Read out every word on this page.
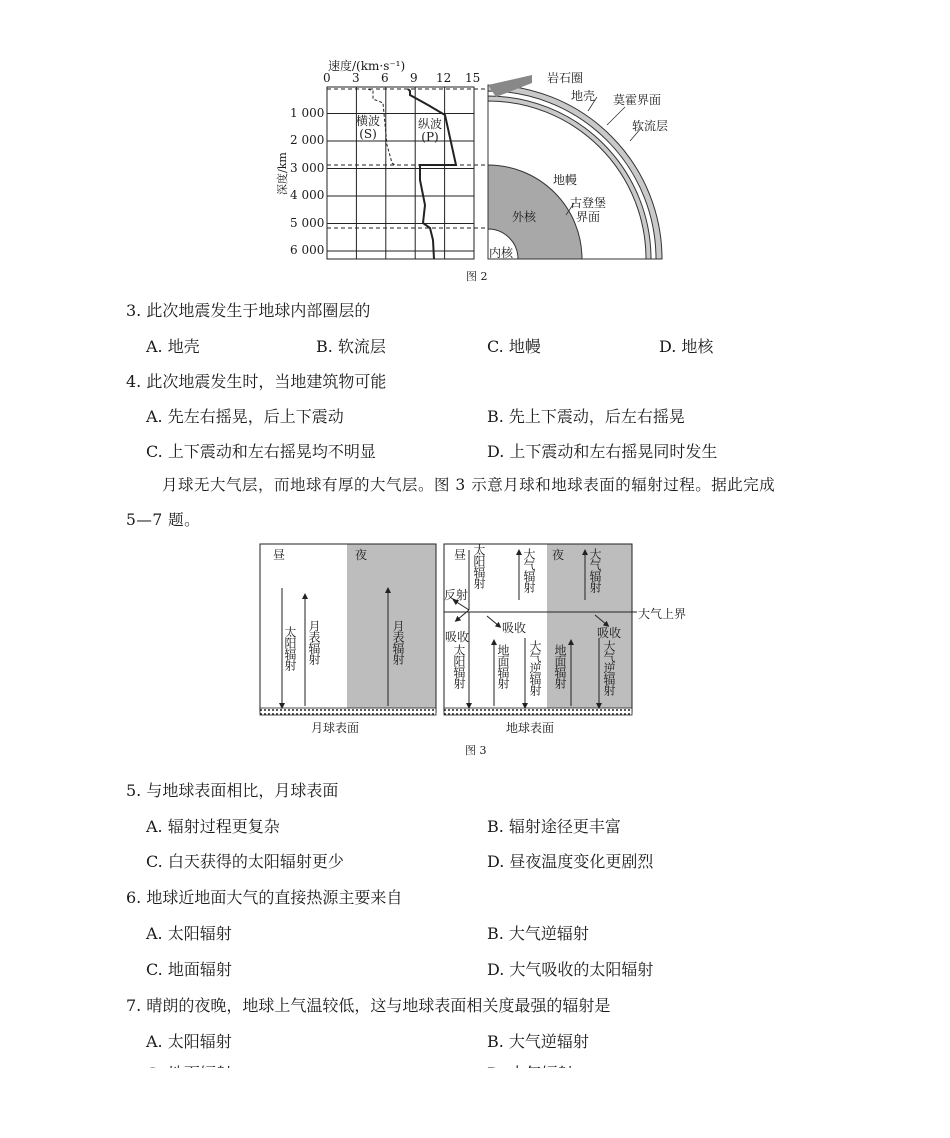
速度/(km·s⁻¹)
0 3 6 9 12 15
1 000
2 000
3 000
4 000
5 000
6 000
深度/km
横波
(S)
纵波
(P)
岩石圈
地壳 莫霍界面
软流层
地幔
外核
古登堡
界面
内核
图 2
3. 此次地震发生于地球内部圈层的
A. 地壳	B. 软流层	C. 地幔	D. 地核
4. 此次地震发生时，当地建筑物可能
A. 先左右摇晃，后上下震动	B. 先上下震动，后左右摇晃
C. 上下震动和左右摇晃均不明显	D. 上下震动和左右摇晃同时发生
月球无大气层，而地球有厚的大气层。图 3 示意月球和地球表面的辐射过程。据此完成
5—7 题。
昼	夜
太阳辐射 月表辐射	月表辐射
月球表面
昼	夜
太阳辐射	大气辐射	大气辐射
反射
吸收
吸收	吸收
大气上界
太阳辐射	地面辐射 大气逆辐射 地面辐射	大气逆辐射
地球表面
图 3
5. 与地球表面相比，月球表面
A. 辐射过程更复杂	B. 辐射途径更丰富
C. 白天获得的太阳辐射更少	D. 昼夜温度变化更剧烈
6. 地球近地面大气的直接热源主要来自
A. 太阳辐射	B. 大气逆辐射
C. 地面辐射	D. 大气吸收的太阳辐射
7. 晴朗的夜晚，地球上气温较低，这与地球表面相关度最强的辐射是
A. 太阳辐射	B. 大气逆辐射
